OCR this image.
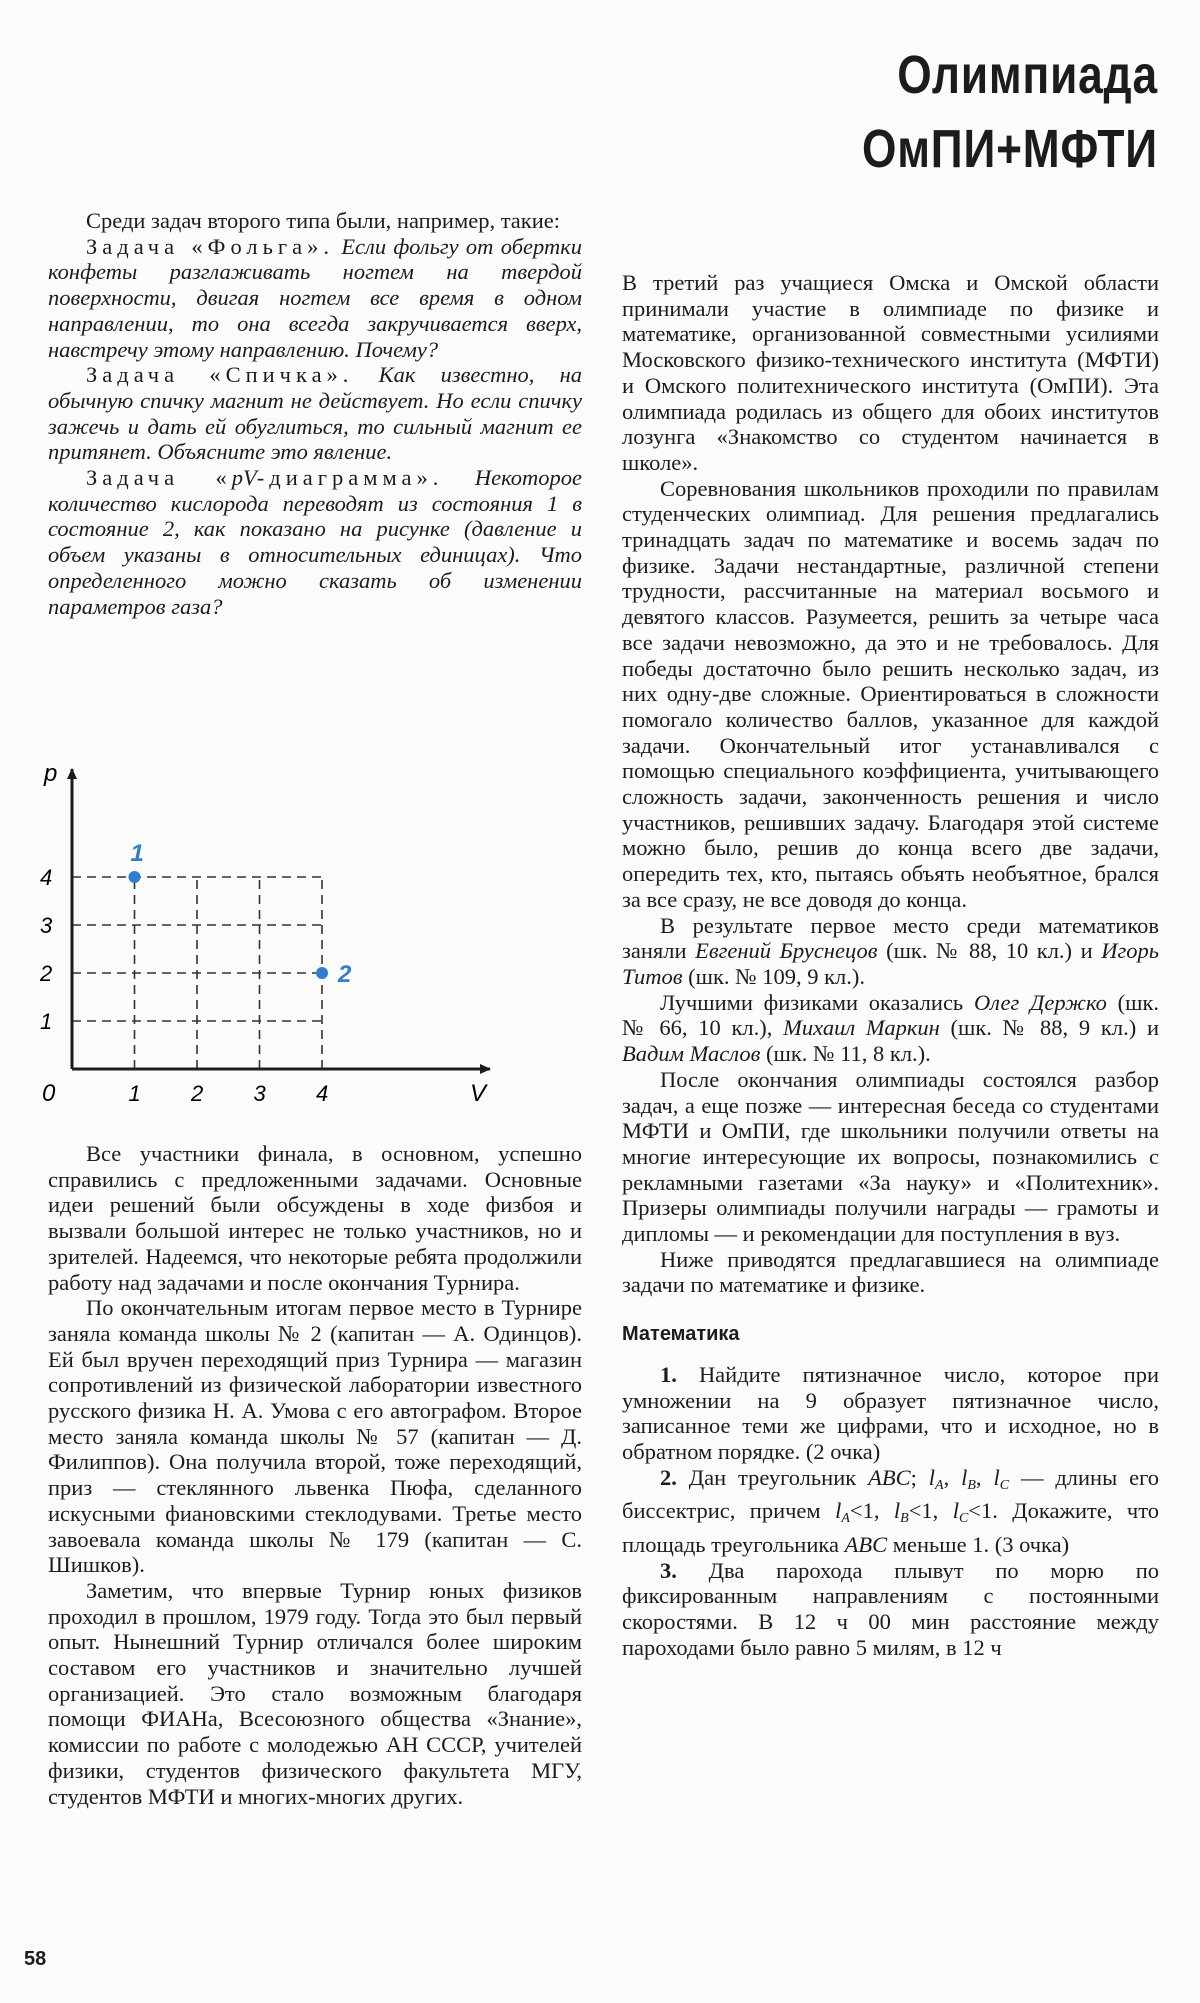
Олимпиада
ОмПИ+МФТИ

Среди задач второго типа были, например, такие:

Задача «Фольга». Если фольгу от обертки конфеты разглаживать ногтем на твердой поверхности, двигая ногтем все время в одном направлении, то она всегда закручивается вверх, навстречу этому направлению. Почему?

Задача «Спичка». Как известно, на обычную спичку магнит не действует. Но если спичку зажечь и дать ей обуглиться, то сильный магнит ее притянет. Объясните это явление.

Задача «pV-диаграмма». Некоторое количество кислорода переводят из состояния 1 в состояние 2, как показано на рисунке (давление и объем указаны в относительных единицах). Что определенного можно сказать об изменении параметров газа?

p
V
0	1 2 3 4
1
2
3
4
1
2

Все участники финала, в основном, успешно справились с предложенными задачами. Основные идеи решений были обсуждены в ходе физбоя и вызвали большой интерес не только участников, но и зрителей. Надеемся, что некоторые ребята продолжили работу над задачами и после окончания Турнира.

По окончательным итогам первое место в Турнире заняла команда школы № 2 (капитан — А. Одинцов). Ей был вручен переходящий приз Турнира — магазин сопротивлений из физической лаборатории известного русского физика Н. А. Умова с его автографом. Второе место заняла команда школы № 57 (капитан — Д. Филиппов). Она получила второй, тоже переходящий, приз — стеклянного львенка Пюфа, сделанного искусными фиановскими стеклодувами. Третье место завоевала команда школы № 179 (капитан — С. Шишков).

Заметим, что впервые Турнир юных физиков проходил в прошлом, 1979 году. Тогда это был первый опыт. Нынешний Турнир отличался более широким составом его участников и значительно лучшей организацией. Это стало возможным благодаря помощи ФИАНа, Всесоюзного общества «Знание», комиссии по работе с молодежью АН СССР, учителей физики, студентов физического факультета МГУ, студентов МФТИ и многих-многих других.

В третий раз учащиеся Омска и Омской области принимали участие в олимпиаде по физике и математике, организованной совместными усилиями Московского физико-технического института (МФТИ) и Омского политехнического института (ОмПИ). Эта олимпиада родилась из общего для обоих институтов лозунга «Знакомство со студентом начинается в школе».

Соревнования школьников проходили по правилам студенческих олимпиад. Для решения предлагались тринадцать задач по математике и восемь задач по физике. Задачи нестандартные, различной степени трудности, рассчитанные на материал восьмого и девятого классов. Разумеется, решить за четыре часа все задачи невозможно, да это и не требовалось. Для победы достаточно было решить несколько задач, из них одну-две сложные. Ориентироваться в сложности помогало количество баллов, указанное для каждой задачи. Окончательный итог устанавливался с помощью специального коэффициента, учитывающего сложность задачи, законченность решения и число участников, решивших задачу. Благодаря этой системе можно было, решив до конца всего две задачи, опередить тех, кто, пытаясь объять необъятное, брался за все сразу, не все доводя до конца.

В результате первое место среди математиков заняли Евгений Бруснецов (шк. № 88, 10 кл.) и Игорь Титов (шк. № 109, 9 кл.).

Лучшими физиками оказались Олег Держко (шк. № 66, 10 кл.), Михаил Маркин (шк. № 88, 9 кл.) и Вадим Маслов (шк. № 11, 8 кл.).

После окончания олимпиады состоялся разбор задач, а еще позже — интересная беседа со студентами МФТИ и ОмПИ, где школьники получили ответы на многие интересующие их вопросы, познакомились с рекламными газетами «За науку» и «Политехник». Призеры олимпиады получили награды — грамоты и дипломы — и рекомендации для поступления в вуз.

Ниже приводятся предлагавшиеся на олимпиаде задачи по математике и физике.

Математика

1. Найдите пятизначное число, которое при умножении на 9 образует пятизначное число, записанное теми же цифрами, что и исходное, но в обратном порядке. (2 очка)

2. Дан треугольник ABC; $l_A$, $l_B$, $l_C$ — длины его биссектрис, причем $l_A<1$, $l_B<1$, $l_C<1$. Докажите, что площадь треугольника ABC меньше 1. (3 очка)

3. Два парохода плывут по морю по фиксированным направлениям с постоянными скоростями. В 12 ч 00 мин расстояние между пароходами было равно 5 милям, в 12 ч

58
